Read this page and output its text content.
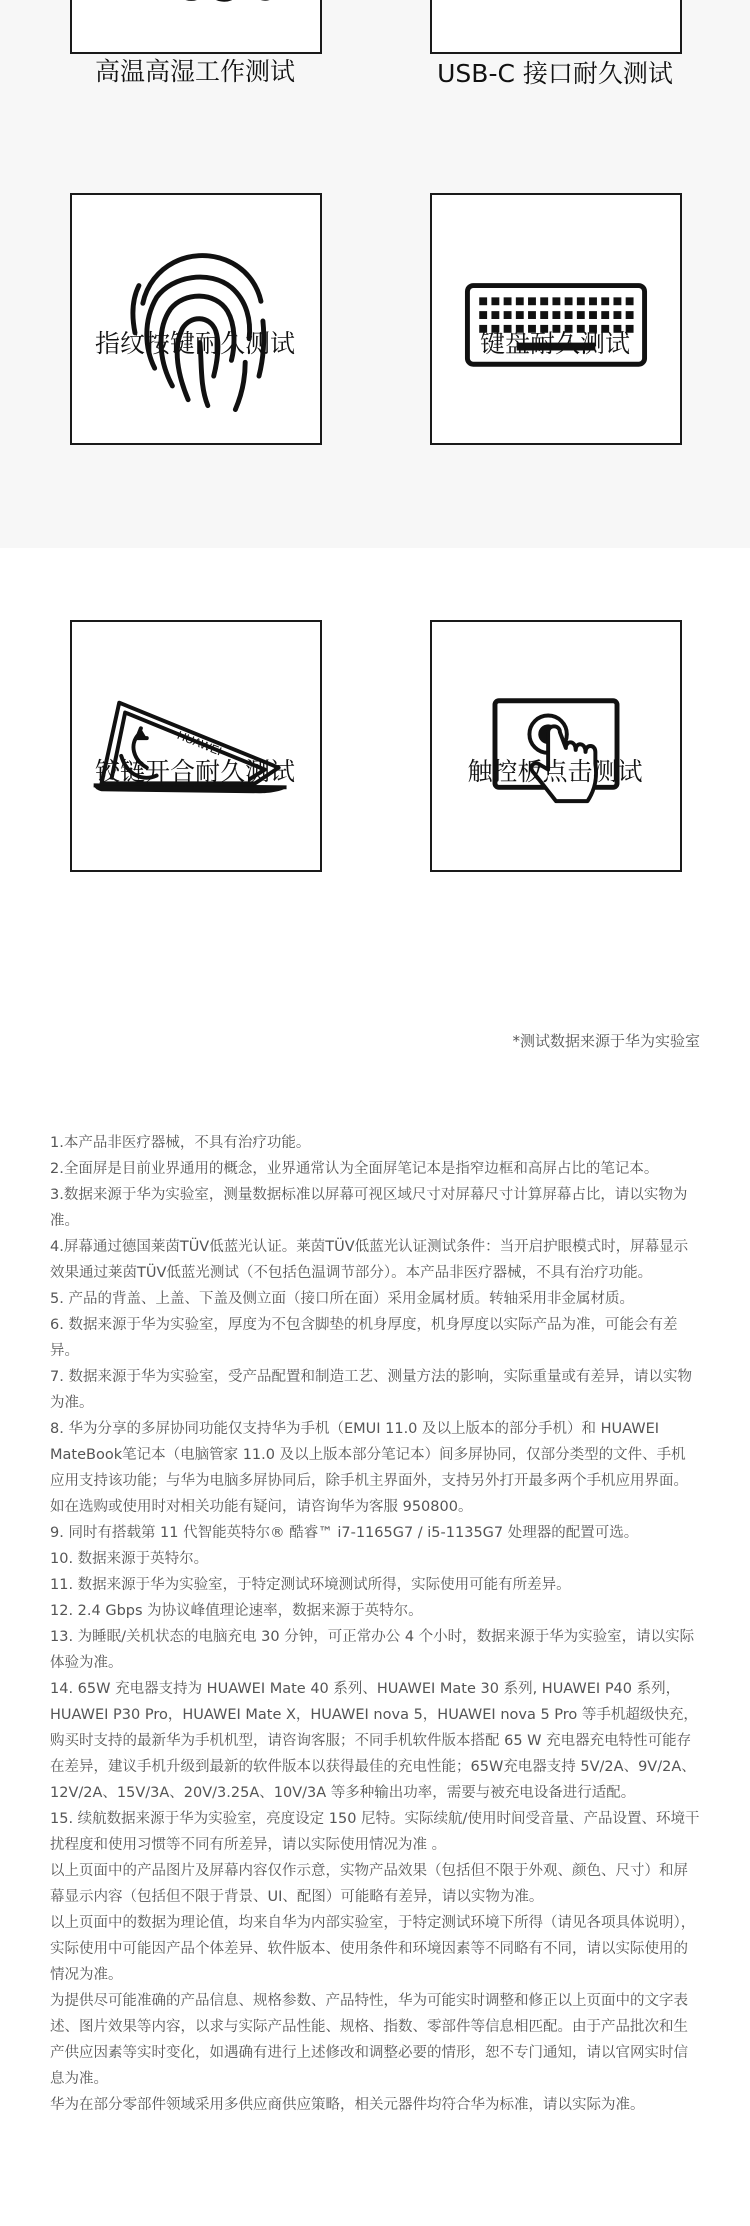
高温高湿工作测试	USB-C 接口耐久测试
指纹按键耐久测试	键盘耐久测试
HUAWEI
铰链开合耐久测试	触控板点击测试
*测试数据来源于华为实验室

1.本产品非医疗器械，不具有治疗功能。

2.全面屏是目前业界通用的概念，业界通常认为全面屏笔记本是指窄边框和高屏占比的笔记本。

3.数据来源于华为实验室，测量数据标准以屏幕可视区域尺寸对屏幕尺寸计算屏幕占比，请以实物为准。

4.屏幕通过德国莱茵TÜV低蓝光认证。莱茵TÜV低蓝光认证测试条件：当开启护眼模式时，屏幕显示效果通过莱茵TÜV低蓝光测试（不包括色温调节部分）。本产品非医疗器械，不具有治疗功能。

5. 产品的背盖、上盖、下盖及侧立面（接口所在面）采用金属材质。转轴采用非金属材质。

6. 数据来源于华为实验室，厚度为不包含脚垫的机身厚度，机身厚度以实际产品为准，可能会有差异。

7. 数据来源于华为实验室，受产品配置和制造工艺、测量方法的影响，实际重量或有差异，请以实物为准。

8. 华为分享的多屏协同功能仅支持华为手机（EMUI 11.0 及以上版本的部分手机）和 HUAWEI MateBook笔记本（电脑管家 11.0 及以上版本部分笔记本）间多屏协同，仅部分类型的文件、手机应用支持该功能；与华为电脑多屏协同后，除手机主界面外，支持另外打开最多两个手机应用界面。如在选购或使用时对相关功能有疑问，请咨询华为客服 950800。

9. 同时有搭载第 11 代智能英特尔® 酷睿™ i7-1165G7 / i5-1135G7 处理器的配置可选。

10. 数据来源于英特尔。

11. 数据来源于华为实验室，于特定测试环境测试所得，实际使用可能有所差异。

12. 2.4 Gbps 为协议峰值理论速率，数据来源于英特尔。

13. 为睡眠/关机状态的电脑充电 30 分钟，可正常办公 4 个小时，数据来源于华为实验室，请以实际体验为准。

14. 65W 充电器支持为 HUAWEI Mate 40 系列、HUAWEI Mate 30 系列, HUAWEI P40 系列，HUAWEI P30 Pro，HUAWEI Mate X，HUAWEI nova 5，HUAWEI nova 5 Pro 等手机超级快充，购买时支持的最新华为手机机型，请咨询客服；不同手机软件版本搭配 65 W 充电器充电特性可能存在差异，建议手机升级到最新的软件版本以获得最佳的充电性能；65W充电器支持 5V/2A、9V/2A、12V/2A、15V/3A、20V/3.25A、10V/3A 等多种输出功率，需要与被充电设备进行适配。

15. 续航数据来源于华为实验室，亮度设定 150 尼特。实际续航/使用时间受音量、产品设置、环境干扰程度和使用习惯等不同有所差异，请以实际使用情况为准 。

以上页面中的产品图片及屏幕内容仅作示意，实物产品效果（包括但不限于外观、颜色、尺寸）和屏幕显示内容（包括但不限于背景、UI、配图）可能略有差异，请以实物为准。

以上页面中的数据为理论值，均来自华为内部实验室，于特定测试环境下所得（请见各项具体说明），实际使用中可能因产品个体差异、软件版本、使用条件和环境因素等不同略有不同，请以实际使用的情况为准。

为提供尽可能准确的产品信息、规格参数、产品特性，华为可能实时调整和修正以上页面中的文字表述、图片效果等内容，以求与实际产品性能、规格、指数、零部件等信息相匹配。由于产品批次和生产供应因素等实时变化，如遇确有进行上述修改和调整必要的情形，恕不专门通知，请以官网实时信息为准。

华为在部分零部件领域采用多供应商供应策略，相关元器件均符合华为标准，请以实际为准。
